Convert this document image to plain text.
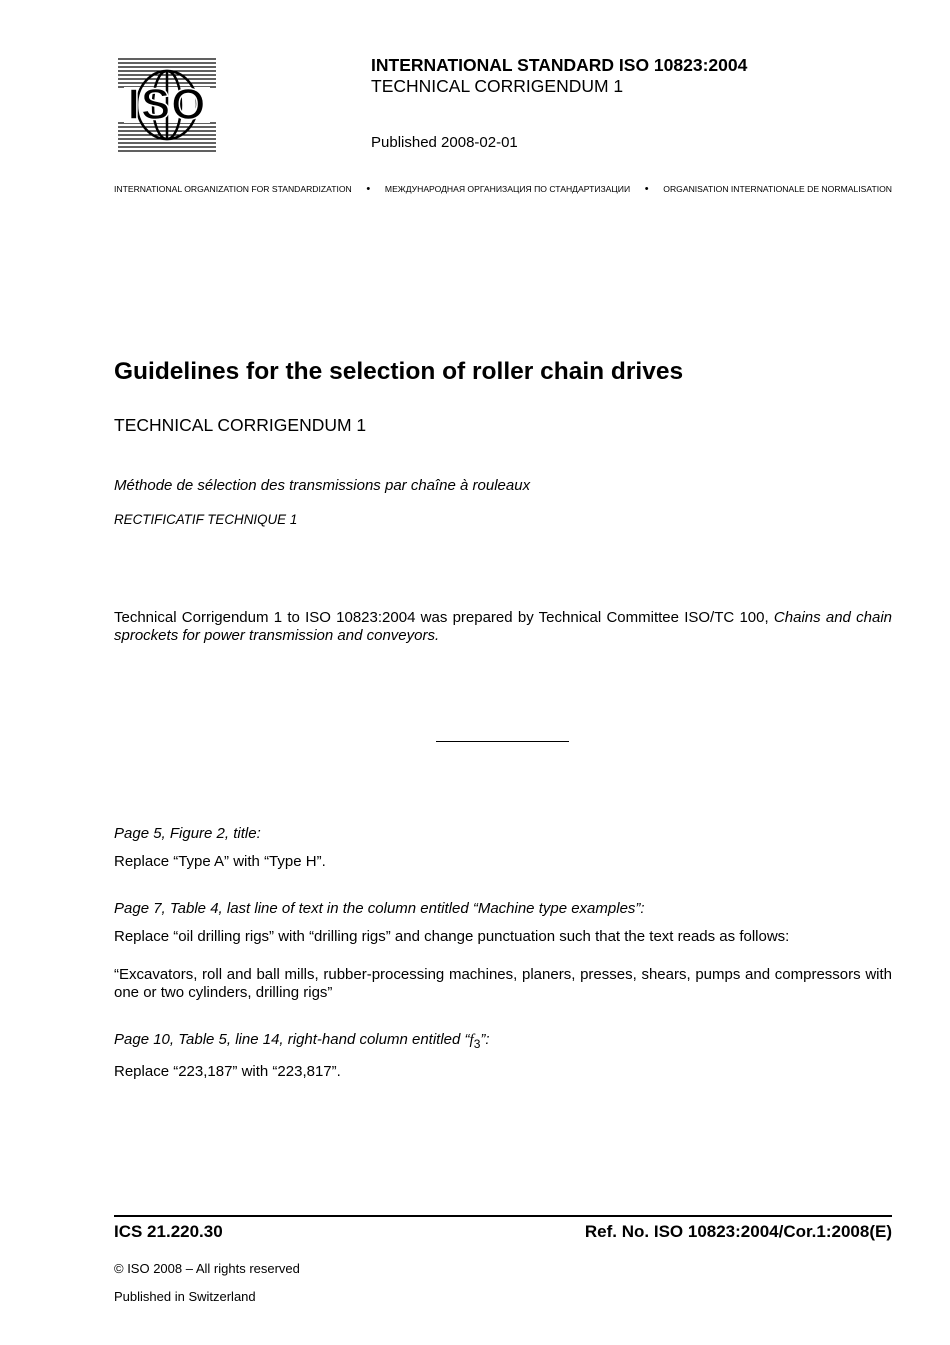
ISO
INTERNATIONAL STANDARD ISO 10823:2004
TECHNICAL CORRIGENDUM 1
Published 2008-02-01
INTERNATIONAL ORGANIZATION FOR STANDARDIZATION • МЕЖДУНАРОДНАЯ ОРГАНИЗАЦИЯ ПО СТАНДАРТИЗАЦИИ • ORGANISATION INTERNATIONALE DE NORMALISATION
Guidelines for the selection of roller chain drives
TECHNICAL CORRIGENDUM 1
Méthode de sélection des transmissions par chaîne à rouleaux
RECTIFICATIF TECHNIQUE 1
Technical Corrigendum 1 to ISO 10823:2004 was prepared by Technical Committee ISO/TC 100, Chains and chain sprockets for power transmission and conveyors.
Page 5, Figure 2, title:
Replace “Type A” with “Type H”.
Page 7, Table 4, last line of text in the column entitled “Machine type examples”:
Replace “oil drilling rigs” with “drilling rigs” and change punctuation such that the text reads as follows:
“Excavators, roll and ball mills, rubber-processing machines, planers, presses, shears, pumps and compressors with one or two cylinders, drilling rigs”
Page 10, Table 5, line 14, right-hand column entitled “$f_3$”:
Replace “223,187” with “223,817”.
ICS 21.220.30	Ref. No. ISO 10823:2004/Cor.1:2008(E)
© ISO 2008 – All rights reserved
Published in Switzerland
